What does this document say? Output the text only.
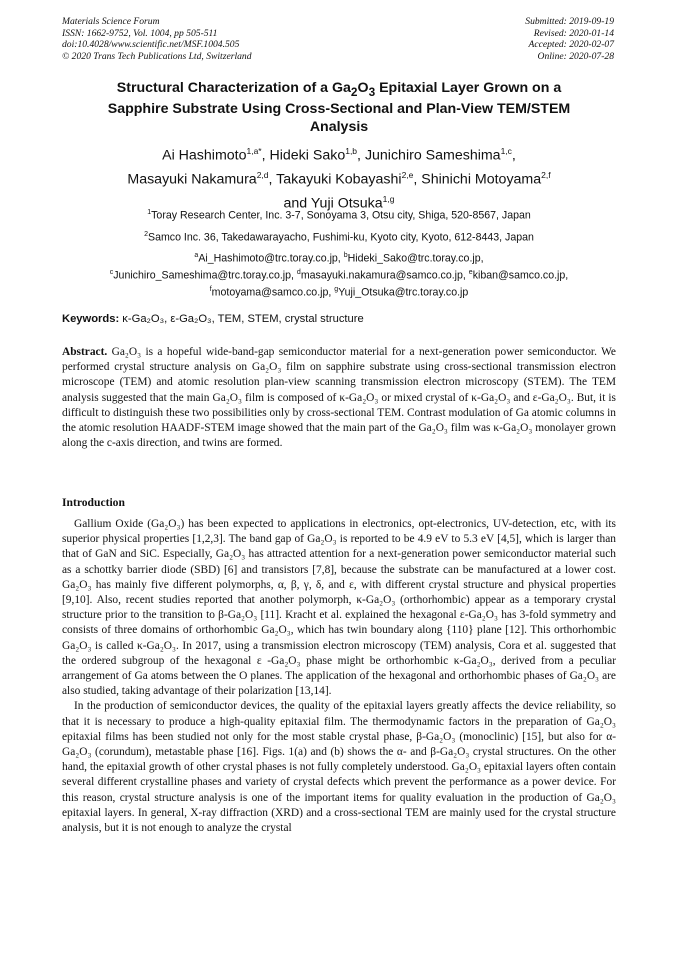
Materials Science Forum
ISSN: 1662-9752, Vol. 1004, pp 505-511
doi:10.4028/www.scientific.net/MSF.1004.505
© 2020 Trans Tech Publications Ltd, Switzerland
Submitted: 2019-09-19
Revised: 2020-01-14
Accepted: 2020-02-07
Online: 2020-07-28
Structural Characterization of a $Ga_2O_3$ Epitaxial Layer Grown on a
Sapphire Substrate Using Cross-Sectional and Plan-View TEM/STEM
Analysis
Ai Hashimoto$^{1,a*}$, Hideki Sako$^{1,b}$, Junichiro Sameshima$^{1,c}$,
Masayuki Nakamura$^{2,d}$, Takayuki Kobayashi$^{2,e}$, Shinichi Motoyama$^{2,f}$
and Yuji Otsuka$^{1,g}$
$^1$Toray Research Center, Inc. 3-7, Sonoyama 3, Otsu city, Shiga, 520-8567, Japan
$^2$Samco Inc. 36, Takedawarayacho, Fushimi-ku, Kyoto city, Kyoto, 612-8443, Japan
$^a$Ai_Hashimoto@trc.toray.co.jp, $^b$Hideki_Sako@trc.toray.co.jp,
$^c$Junichiro_Sameshima@trc.toray.co.jp, $^d$masayuki.nakamura@samco.co.jp, $^e$kiban@samco.co.jp,
$^f$motoyama@samco.co.jp, $^g$Yuji_Otsuka@trc.toray.co.jp
Keywords: κ-Ga₂O₃, ε-Ga₂O₃, TEM, STEM, crystal structure
Abstract. Ga₂O₃ is a hopeful wide-band-gap semiconductor material for a next-generation power semiconductor. We performed crystal structure analysis on Ga₂O₃ film on sapphire substrate using cross-sectional transmission electron microscope (TEM) and atomic resolution plan-view scanning transmission electron microscopy (STEM). The TEM analysis suggested that the main Ga₂O₃ film is composed of κ-Ga₂O₃ or mixed crystal of κ-Ga₂O₃ and ε-Ga₂O₃. But, it is difficult to distinguish these two possibilities only by cross-sectional TEM. Contrast modulation of Ga atomic columns in the atomic resolution HAADF-STEM image showed that the main part of the Ga₂O₃ film was κ-Ga₂O₃ monolayer grown along the c-axis direction, and twins are formed.
Introduction

Gallium Oxide (Ga₂O₃) has been expected to applications in electronics, opt-electronics, UV-detection, etc, with its superior physical properties [1,2,3]. The band gap of Ga₂O₃ is reported to be 4.9 eV to 5.3 eV [4,5], which is larger than that of GaN and SiC. Especially, Ga₂O₃ has attracted attention for a next-generation power semiconductor material such as a schottky barrier diode (SBD) [6] and transistors [7,8], because the substrate can be manufactured at a lower cost. Ga₂O₃ has mainly five different polymorphs, α, β, γ, δ, and ε, with different crystal structure and physical properties [9,10]. Also, recent studies reported that another polymorph, κ-Ga₂O₃ (orthorhombic) appear as a temporary crystal structure prior to the transition to β-Ga₂O₃ [11]. Kracht et al. explained the hexagonal ε-Ga₂O₃ has 3-fold symmetry and consists of three domains of orthorhombic Ga₂O₃, which has twin boundary along {110} plane [12]. This orthorhombic Ga₂O₃ is called κ-Ga₂O₃. In 2017, using a transmission electron microscopy (TEM) analysis, Cora et al. suggested that the ordered subgroup of the hexagonal ε -Ga₂O₃ phase might be orthorhombic κ-Ga₂O₃, derived from a peculiar arrangement of Ga atoms between the O planes. The application of the hexagonal and orthorhombic phases of Ga₂O₃ are also studied, taking advantage of their polarization [13,14].

In the production of semiconductor devices, the quality of the epitaxial layers greatly affects the device reliability, so that it is necessary to produce a high-quality epitaxial film. The thermodynamic factors in the preparation of Ga₂O₃ epitaxial films has been studied not only for the most stable crystal phase, β-Ga₂O₃ (monoclinic) [15], but also for α-Ga₂O₃ (corundum), metastable phase [16]. Figs. 1(a) and (b) shows the α- and β-Ga₂O₃ crystal structures. On the other hand, the epitaxial growth of other crystal phases is not fully completely understood. Ga₂O₃ epitaxial layers often contain several different crystalline phases and variety of crystal defects which prevent the performance as a power device. For this reason, crystal structure analysis is one of the important items for quality evaluation in the production of Ga₂O₃ epitaxial layers. In general, X-ray diffraction (XRD) and a cross-sectional TEM are mainly used for the crystal structure analysis, but it is not enough to analyze the crystal
